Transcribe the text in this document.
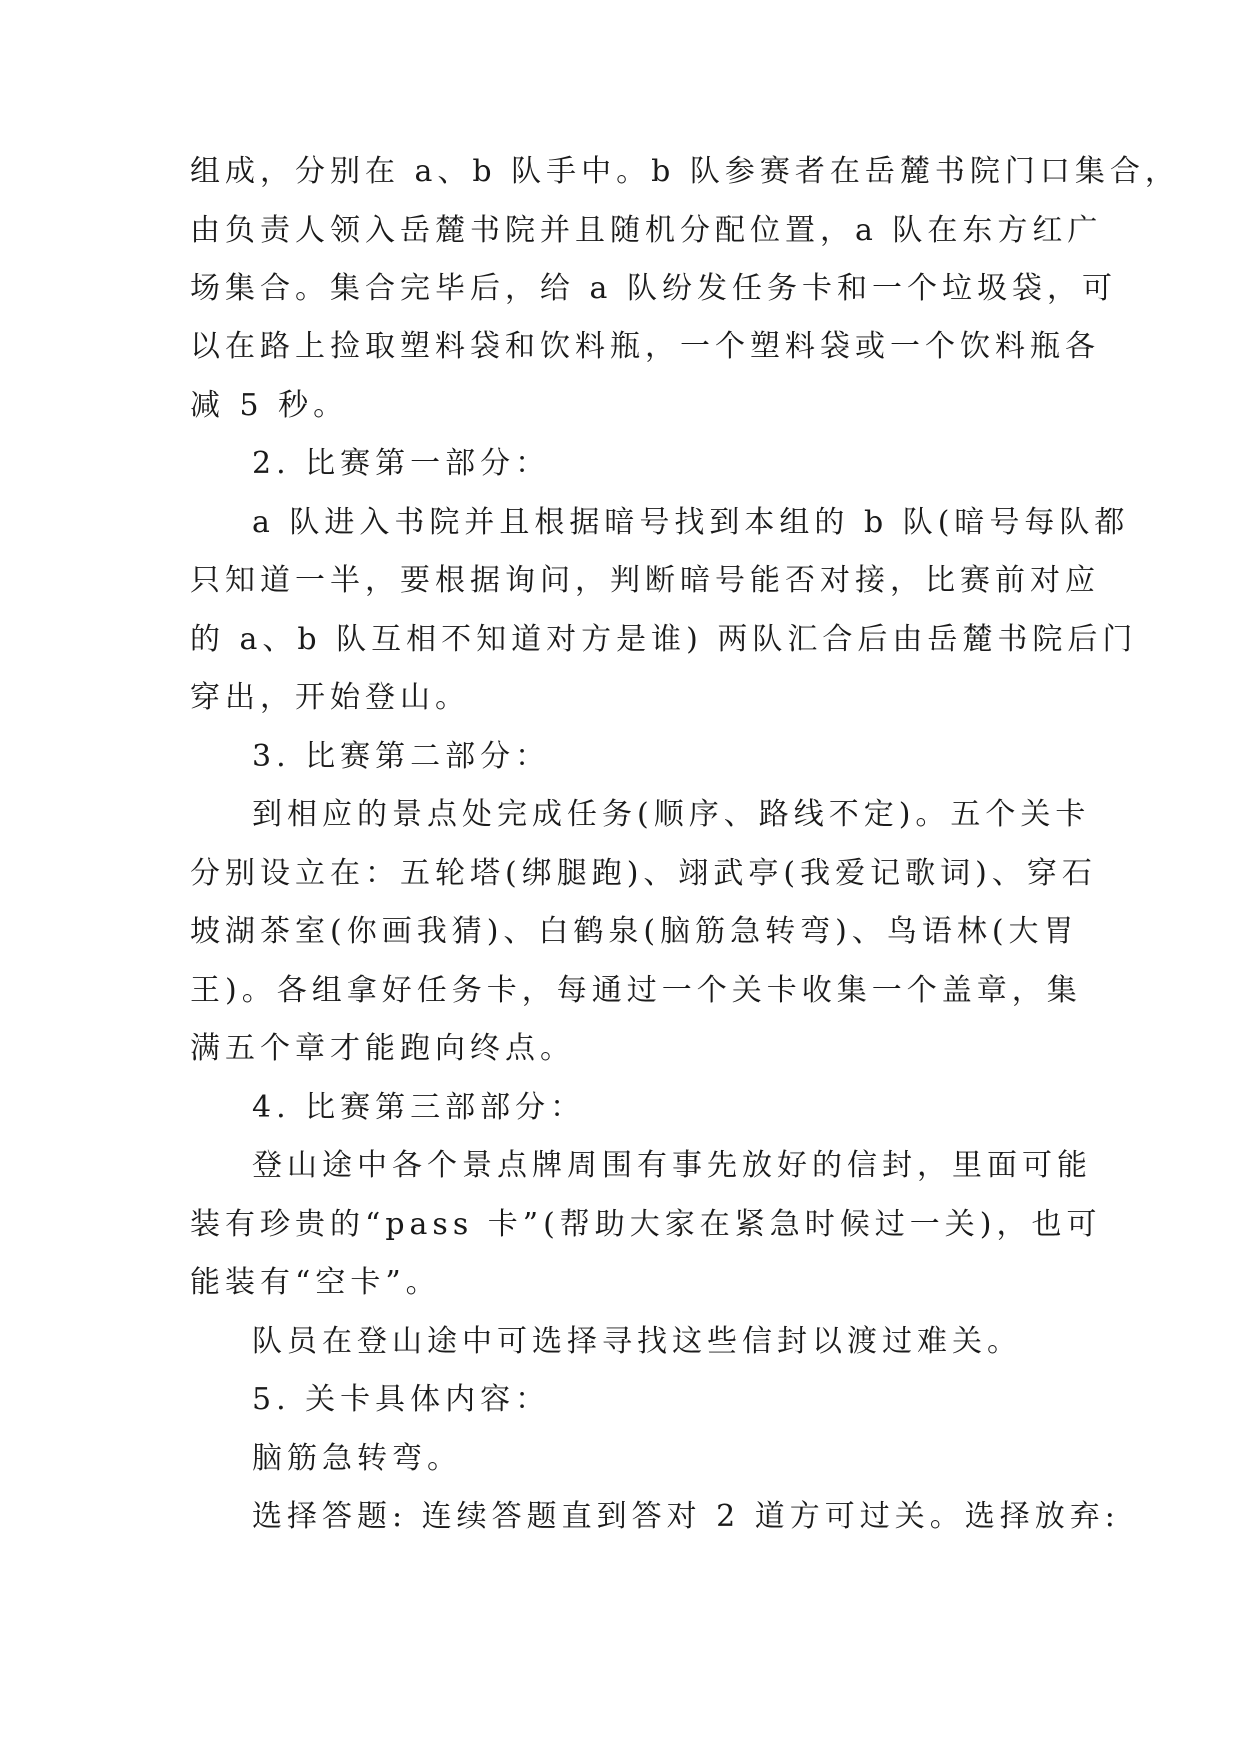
组成，分别在 a、b 队手中。b 队参赛者在岳麓书院门口集合，
由负责人领入岳麓书院并且随机分配位置，a 队在东方红广
场集合。集合完毕后，给 a 队纷发任务卡和一个垃圾袋，可
以在路上捡取塑料袋和饮料瓶，一个塑料袋或一个饮料瓶各
减 5 秒。
2. 比赛第一部分：
a 队进入书院并且根据暗号找到本组的 b 队(暗号每队都
只知道一半，要根据询问，判断暗号能否对接，比赛前对应
的 a、b 队互相不知道对方是谁) 两队汇合后由岳麓书院后门
穿出，开始登山。
3. 比赛第二部分：
到相应的景点处完成任务(顺序、路线不定)。五个关卡
分别设立在：五轮塔(绑腿跑)、翊武亭(我爱记歌词)、穿石
坡湖茶室(你画我猜)、白鹤泉(脑筋急转弯)、鸟语林(大胃
王)。各组拿好任务卡，每通过一个关卡收集一个盖章，集
满五个章才能跑向终点。
4. 比赛第三部部分：
登山途中各个景点牌周围有事先放好的信封，里面可能
装有珍贵的“pass 卡”(帮助大家在紧急时候过一关)，也可
能装有“空卡”。
队员在登山途中可选择寻找这些信封以渡过难关。
5. 关卡具体内容：
脑筋急转弯。
选择答题: 连续答题直到答对 2 道方可过关。选择放弃:
